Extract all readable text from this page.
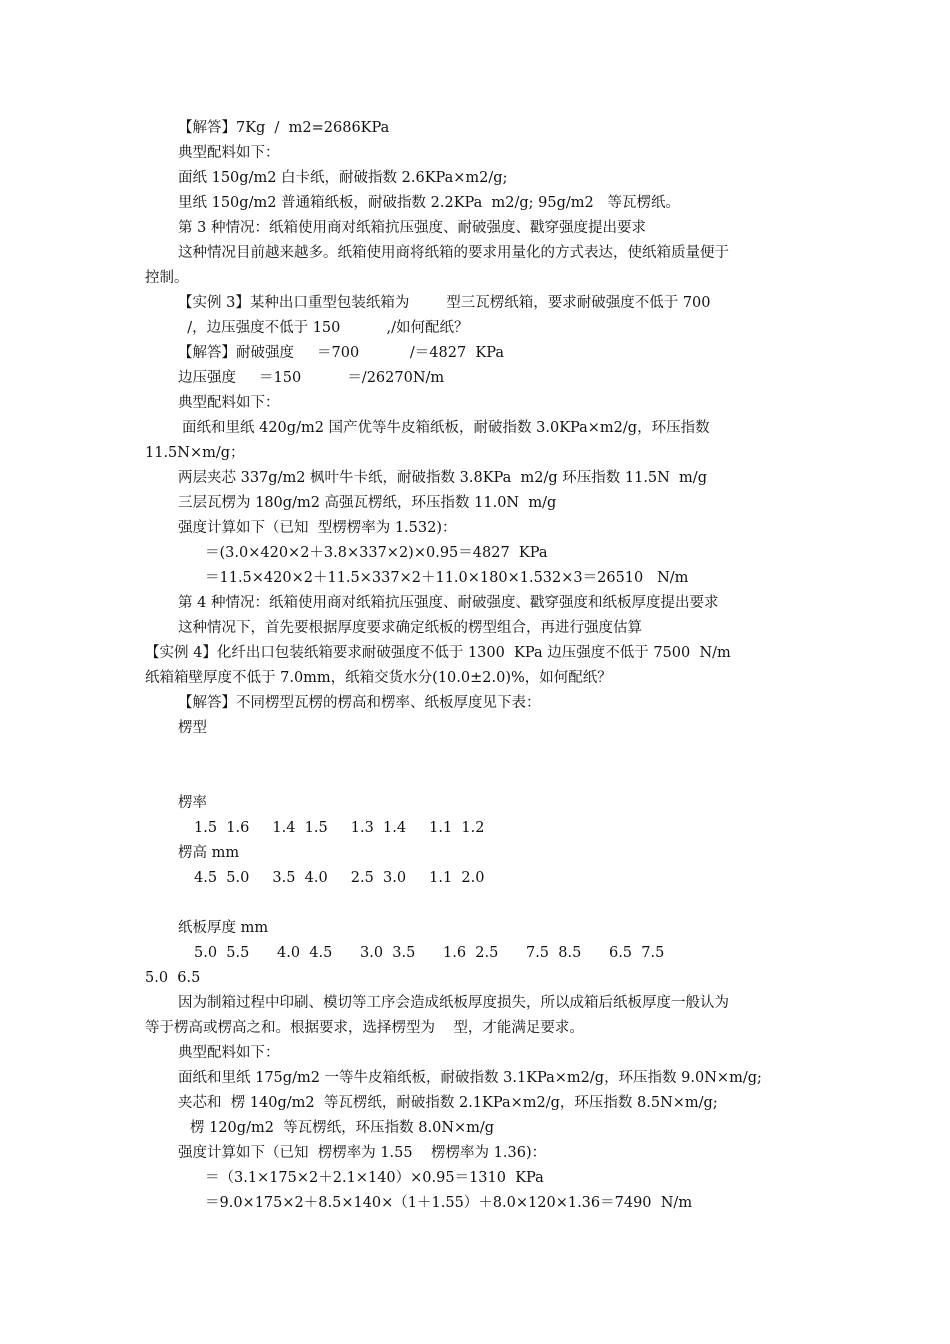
【解答】7Kg  /  m2=2686KPa
典型配料如下：
面纸 150g/m2 白卡纸，耐破指数 2.6KPa×m2/g;
里纸 150g/m2 普通箱纸板，耐破指数 2.2KPa  m2/g; 95g/m2   等瓦楞纸。
第 3 种情况：纸箱使用商对纸箱抗压强度、耐破强度、戳穿强度提出要求
这种情况目前越来越多。纸箱使用商将纸箱的要求用量化的方式表达，使纸箱质量便于
控制。
【实例 3】某种出口重型包装纸箱为        型三瓦楞纸箱，要求耐破强度不低于 700
/，边压强度不低于 150          ,/如何配纸？
【解答】耐破强度     ＝700           /＝4827  KPa
边压强度     ＝150          ＝/26270N/m
典型配料如下：
面纸和里纸 420g/m2 国产优等牛皮箱纸板，耐破指数 3.0KPa×m2/g，环压指数
11.5N×m/g；
两层夹芯 337g/m2 枫叶牛卡纸，耐破指数 3.8KPa  m2/g 环压指数 11.5N  m/g
三层瓦楞为 180g/m2 高强瓦楞纸，环压指数 11.0N  m/g
强度计算如下（已知  型楞楞率为 1.532)：
＝(3.0×420×2＋3.8×337×2)×0.95＝4827  KPa
＝11.5×420×2＋11.5×337×2＋11.0×180×1.532×3＝26510   N/m
第 4 种情况：纸箱使用商对纸箱抗压强度、耐破强度、戳穿强度和纸板厚度提出要求
这种情况下，首先要根据厚度要求确定纸板的楞型组合，再进行强度估算
【实例 4】化纤出口包装纸箱要求耐破强度不低于 1300  KPa 边压强度不低于 7500  N/m
纸箱箱壁厚度不低于 7.0mm，纸箱交货水分(10.0±2.0)%，如何配纸？
【解答】不同楞型瓦楞的楞高和楞率、纸板厚度见下表：
楞型
楞率
1.5  1.6     1.4  1.5     1.3  1.4     1.1  1.2
楞高 mm
4.5  5.0     3.5  4.0     2.5  3.0     1.1  2.0
纸板厚度 mm
5.0  5.5      4.0  4.5      3.0  3.5      1.6  2.5      7.5  8.5      6.5  7.5
5.0  6.5
因为制箱过程中印刷、模切等工序会造成纸板厚度损失，所以成箱后纸板厚度一般认为
等于楞高或楞高之和。根据要求，选择楞型为    型，才能满足要求。
典型配料如下：
面纸和里纸 175g/m2 一等牛皮箱纸板，耐破指数 3.1KPa×m2/g，环压指数 9.0N×m/g;
夹芯和  楞 140g/m2  等瓦楞纸，耐破指数 2.1KPa×m2/g，环压指数 8.5N×m/g;
楞 120g/m2  等瓦楞纸，环压指数 8.0N×m/g
强度计算如下（已知  楞楞率为 1.55    楞楞率为 1.36)：
＝（3.1×175×2＋2.1×140）×0.95＝1310  KPa
＝9.0×175×2＋8.5×140×（1＋1.55）＋8.0×120×1.36＝7490  N/m
